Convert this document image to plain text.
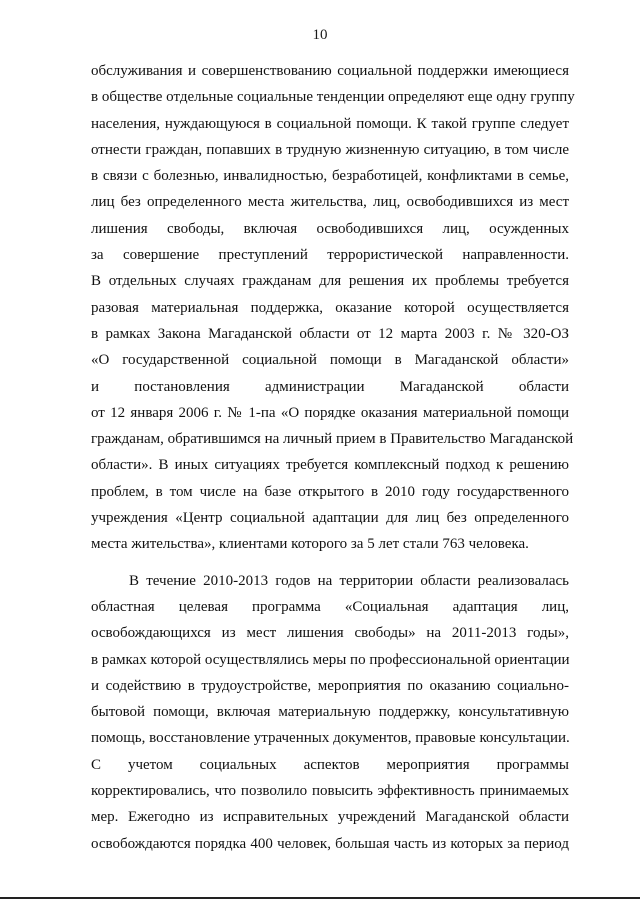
10

обслуживания и совершенствованию социальной поддержки имеющиеся

в обществе отдельные социальные тенденции определяют еще одну группу

населения, нуждающуюся в социальной помощи. К такой группе следует

отнести граждан, попавших в трудную жизненную ситуацию, в том числе

в связи с болезнью, инвалидностью, безработицей, конфликтами в семье,

лиц без определенного места жительства, лиц, освободившихся из мест

лишения свободы, включая освободившихся лиц, осужденных

за совершение преступлений террористической направленности.

В отдельных случаях гражданам для решения их проблемы требуется

разовая материальная поддержка, оказание которой осуществляется

в рамках Закона Магаданской области от 12 марта 2003 г. № 320-ОЗ

«О государственной социальной помощи в Магаданской области»

и постановления администрации Магаданской области

от 12 января 2006 г. № 1-па «О порядке оказания материальной помощи

гражданам, обратившимся на личный прием в Правительство Магаданской

области». В иных ситуациях требуется комплексный подход к решению

проблем, в том числе на базе открытого в 2010 году государственного

учреждения «Центр социальной адаптации для лиц без определенного

места жительства», клиентами которого за 5 лет стали 763 человека.

В течение 2010-2013 годов на территории области реализовалась

областная целевая программа «Социальная адаптация лиц,

освобождающихся из мест лишения свободы» на 2011-2013 годы»,

в рамках которой осуществлялись меры по профессиональной ориентации

и содействию в трудоустройстве, мероприятия по оказанию социально-

бытовой помощи, включая материальную поддержку, консультативную

помощь, восстановление утраченных документов, правовые консультации.

С учетом социальных аспектов мероприятия программы

корректировались, что позволило повысить эффективность принимаемых

мер. Ежегодно из исправительных учреждений Магаданской области

освобождаются порядка 400 человек, большая часть из которых за период
